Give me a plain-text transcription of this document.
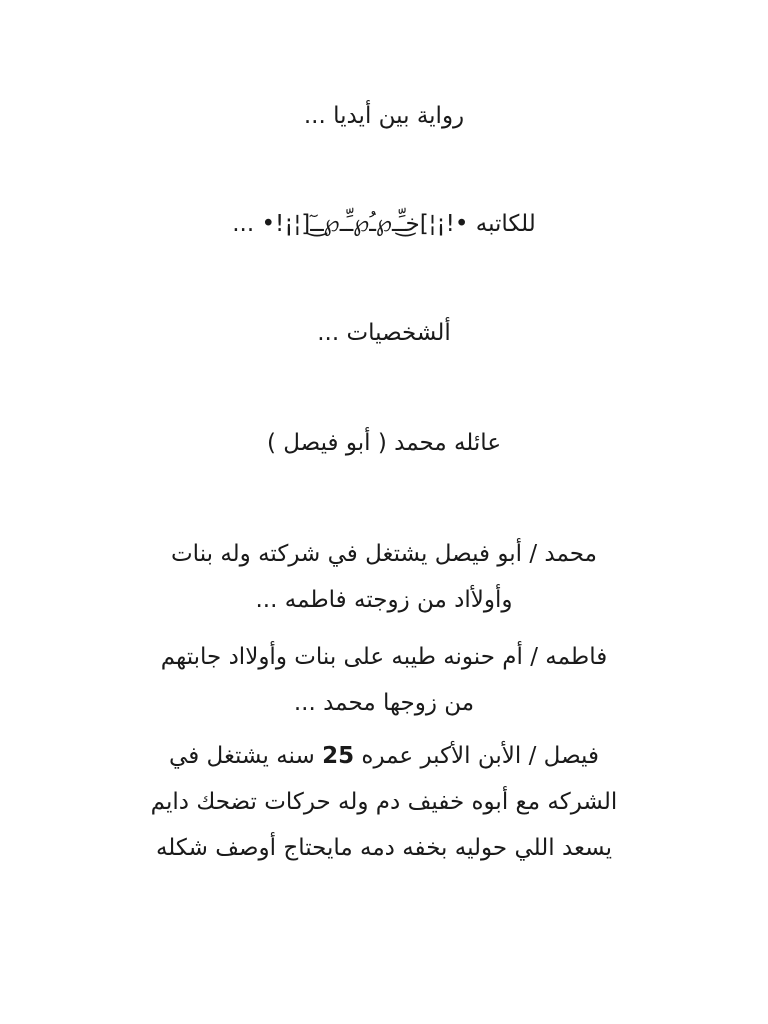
رواية بين أيديا ...
للكاتبه •!¡¦]خ͜ـِّـ℘ـُ℘ـِّـ℘ـ͜ـٓ[¦¡!• ...
ألشخصيات ...
عائله محمد ( أبو فيصل )
محمد / أبو فيصل يشتغل في شركته وله بنات
وأولأاد من زوجته فاطمه ...
فاطمه / أم حنونه طيبه على بنات وأولااد جابتهم
من زوجها محمد ...
فيصل / الأبن الأكبر عمره 25 سنه يشتغل في
الشركه مع أبوه خفيف دم وله حركات تضحك دايم
يسعد اللي حوليه بخفه دمه مايحتاج أوصف شكله
